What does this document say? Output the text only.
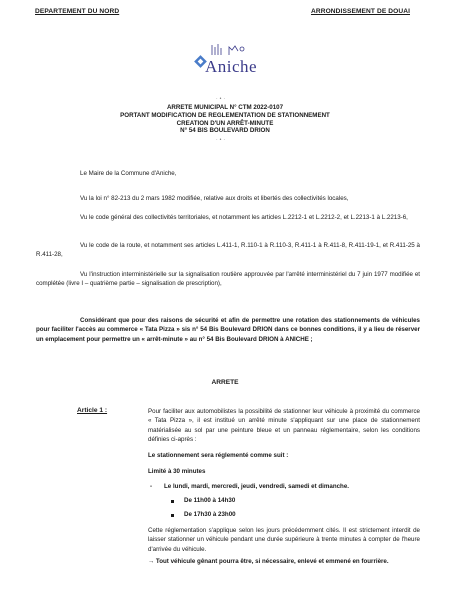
DEPARTEMENT DU NORD	ARRONDISSEMENT DE DOUAI
Aniche
·•·
ARRETE MUNICIPAL N° CTM 2022-0107
PORTANT MODIFICATION DE REGLEMENTATION DE STATIONNEMENT
CREATION D'UN ARRÊT-MINUTE
N° 54 BIS BOULEVARD DRION
·•·
Le Maire de la Commune d'Aniche,
Vu la loi n° 82-213 du 2 mars 1982 modifiée, relative aux droits et libertés des collectivités locales,
Vu le code général des collectivités territoriales, et notamment les articles L.2212-1 et L.2212-2, et L.2213-1 à L.2213-6,
Vu le code de la route, et notamment ses articles L.411-1, R.110-1 à R.110-3, R.411-1 à R.411-8, R.411-19-1, et R.411-25 à R.411-28,
Vu l'instruction interministérielle sur la signalisation routière approuvée par l'arrêté interministériel du 7 juin 1977 modifiée et complétée (livre I – quatrième partie – signalisation de prescription),
Considérant que pour des raisons de sécurité et afin de permettre une rotation des stationnements de véhicules pour faciliter l'accès au commerce « Tata Pizza » sis n° 54 Bis Boulevard DRION dans ce bonnes conditions, il y a lieu de réserver un emplacement pour permettre un « arrêt-minute » au n° 54 Bis Boulevard DRION à ANICHE ;
ARRETE
Article 1 :	Pour faciliter aux automobilistes la possibilité de stationner leur véhicule à proximité du commerce « Tata Pizza », il est institué un arrêté minute s'appliquant sur une place de stationnement matérialisée au sol par une peinture bleue et un panneau réglementaire, selon les conditions définies ci-après :
Le stationnement sera réglementé comme suit :
Limité à 30 minutes
- Le lundi, mardi, mercredi, jeudi, vendredi, samedi et dimanche.
De 11h00 à 14h30
De 17h30 à 23h00
Cette réglementation s'applique selon les jours précédemment cités. Il est strictement interdit de laisser stationner un véhicule pendant une durée supérieure à trente minutes à compter de l'heure d'arrivée du véhicule.
→ Tout véhicule gênant pourra être, si nécessaire, enlevé et emmené en fourrière.
